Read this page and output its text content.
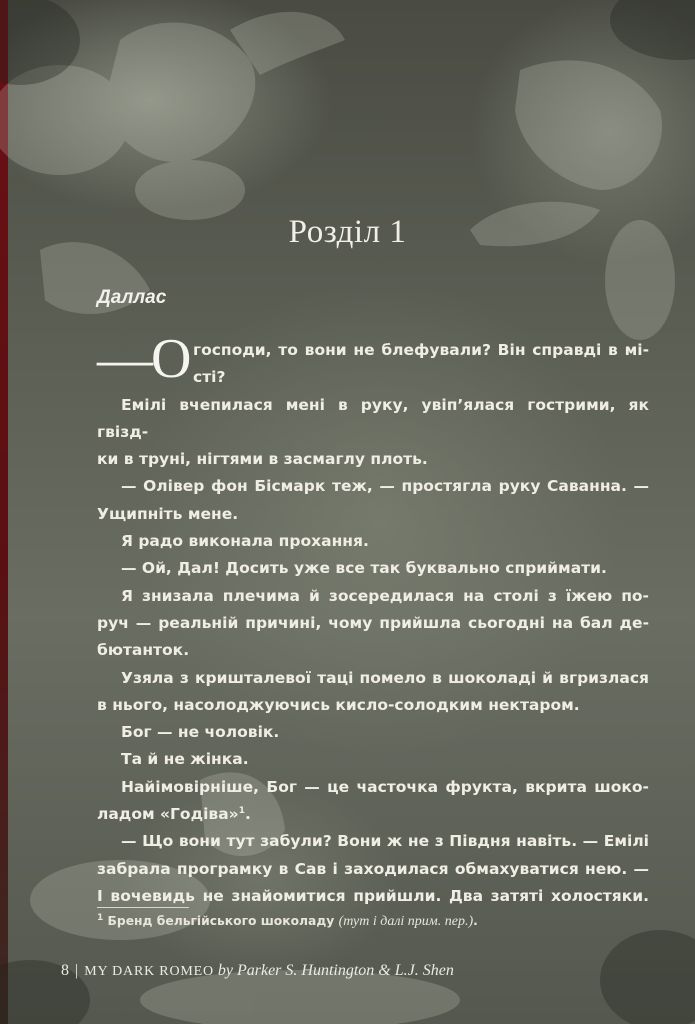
Розділ 1
Даллас

—О господи, то вони не блефували? Він справді в мі-
сті?

Емілі вчепилася мені в руку, увіп’ялася гострими, як гвізд-

ки в труні, нігтями в засмаглу плоть.

— Олівер фон Бісмарк теж, — простягла руку Саванна. —

Ущипніть мене.

Я радо виконала прохання.

— Ой, Дал! Досить уже все так буквально сприймати.

Я знизала плечима й зосередилася на столі з їжею по-

руч — реальній причині, чому прийшла сьогодні на бал де-
бютанток.

Узяла з кришталевої таці помело в шоколаді й вгризлася

в нього, насолоджуючись кисло-солодким нектаром.

Бог — не чоловік.

Та й не жінка.

Найімовірніше, Бог — це часточка фрукта, вкрита шоко-

ладом «Годіва»$^1$.

— Що вони тут забули? Вони ж не з Півдня навіть. — Емілі

забрала програмку в Сав і заходилася обмахуватися нею. —
І вочевидь не знайомитися прийшли. Два затяті холостяки.

$^1$ Бренд бельгійського шоколаду (тут і далі прим. пер.).
8 | MY DARK ROMEO by Parker S. Huntington & L.J. Shen
